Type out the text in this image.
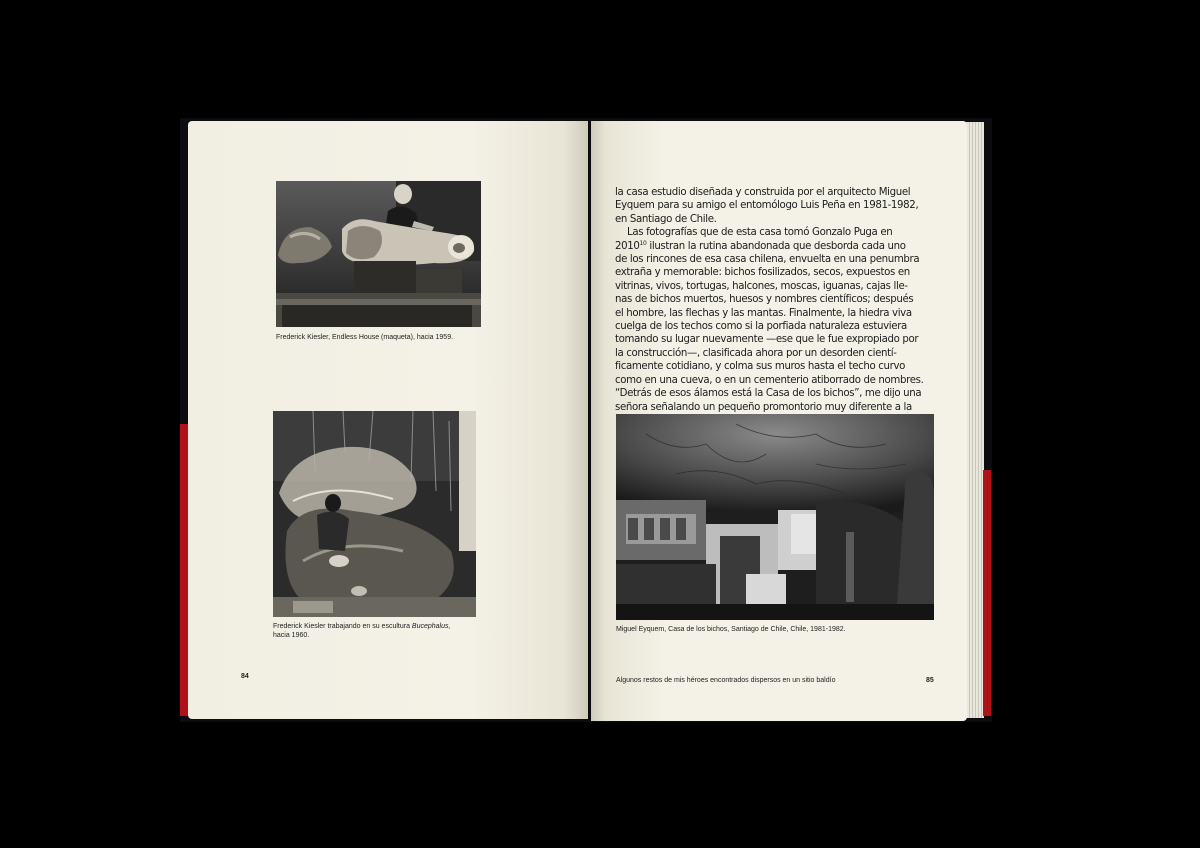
Frederick Kiesler, Endless House (maqueta), hacia 1959.
Frederick Kiesler trabajando en su escultura Bucephalus,
hacia 1960.
84
la casa estudio diseñada y construida por el arquitecto Miguel
Eyquem para su amigo el entomólogo Luis Peña en 1981-1982,
en Santiago de Chile.
Las fotografías que de esta casa tomó Gonzalo Puga en
2010$^{10}$ ilustran la rutina abandonada que desborda cada uno
de los rincones de esa casa chilena, envuelta en una penumbra
extraña y memorable: bichos fosilizados, secos, expuestos en
vitrinas, vivos, tortugas, halcones, moscas, iguanas, cajas lle-
nas de bichos muertos, huesos y nombres científicos; después
el hombre, las flechas y las mantas. Finalmente, la hiedra viva
cuelga de los techos como si la porfiada naturaleza estuviera
tomando su lugar nuevamente —ese que le fue expropiado por
la construcción—, clasificada ahora por un desorden cientí-
ficamente cotidiano, y colma sus muros hasta el techo curvo
como en una cueva, o en un cementerio atiborrado de nombres.
“Detrás de esos álamos está la Casa de los bichos”, me dijo una
señora señalando un pequeño promontorio muy diferente a la
Miguel Eyquem, Casa de los bichos, Santiago de Chile, Chile, 1981-1982.
Algunos restos de mis héroes encontrados dispersos en un sitio baldío	85
